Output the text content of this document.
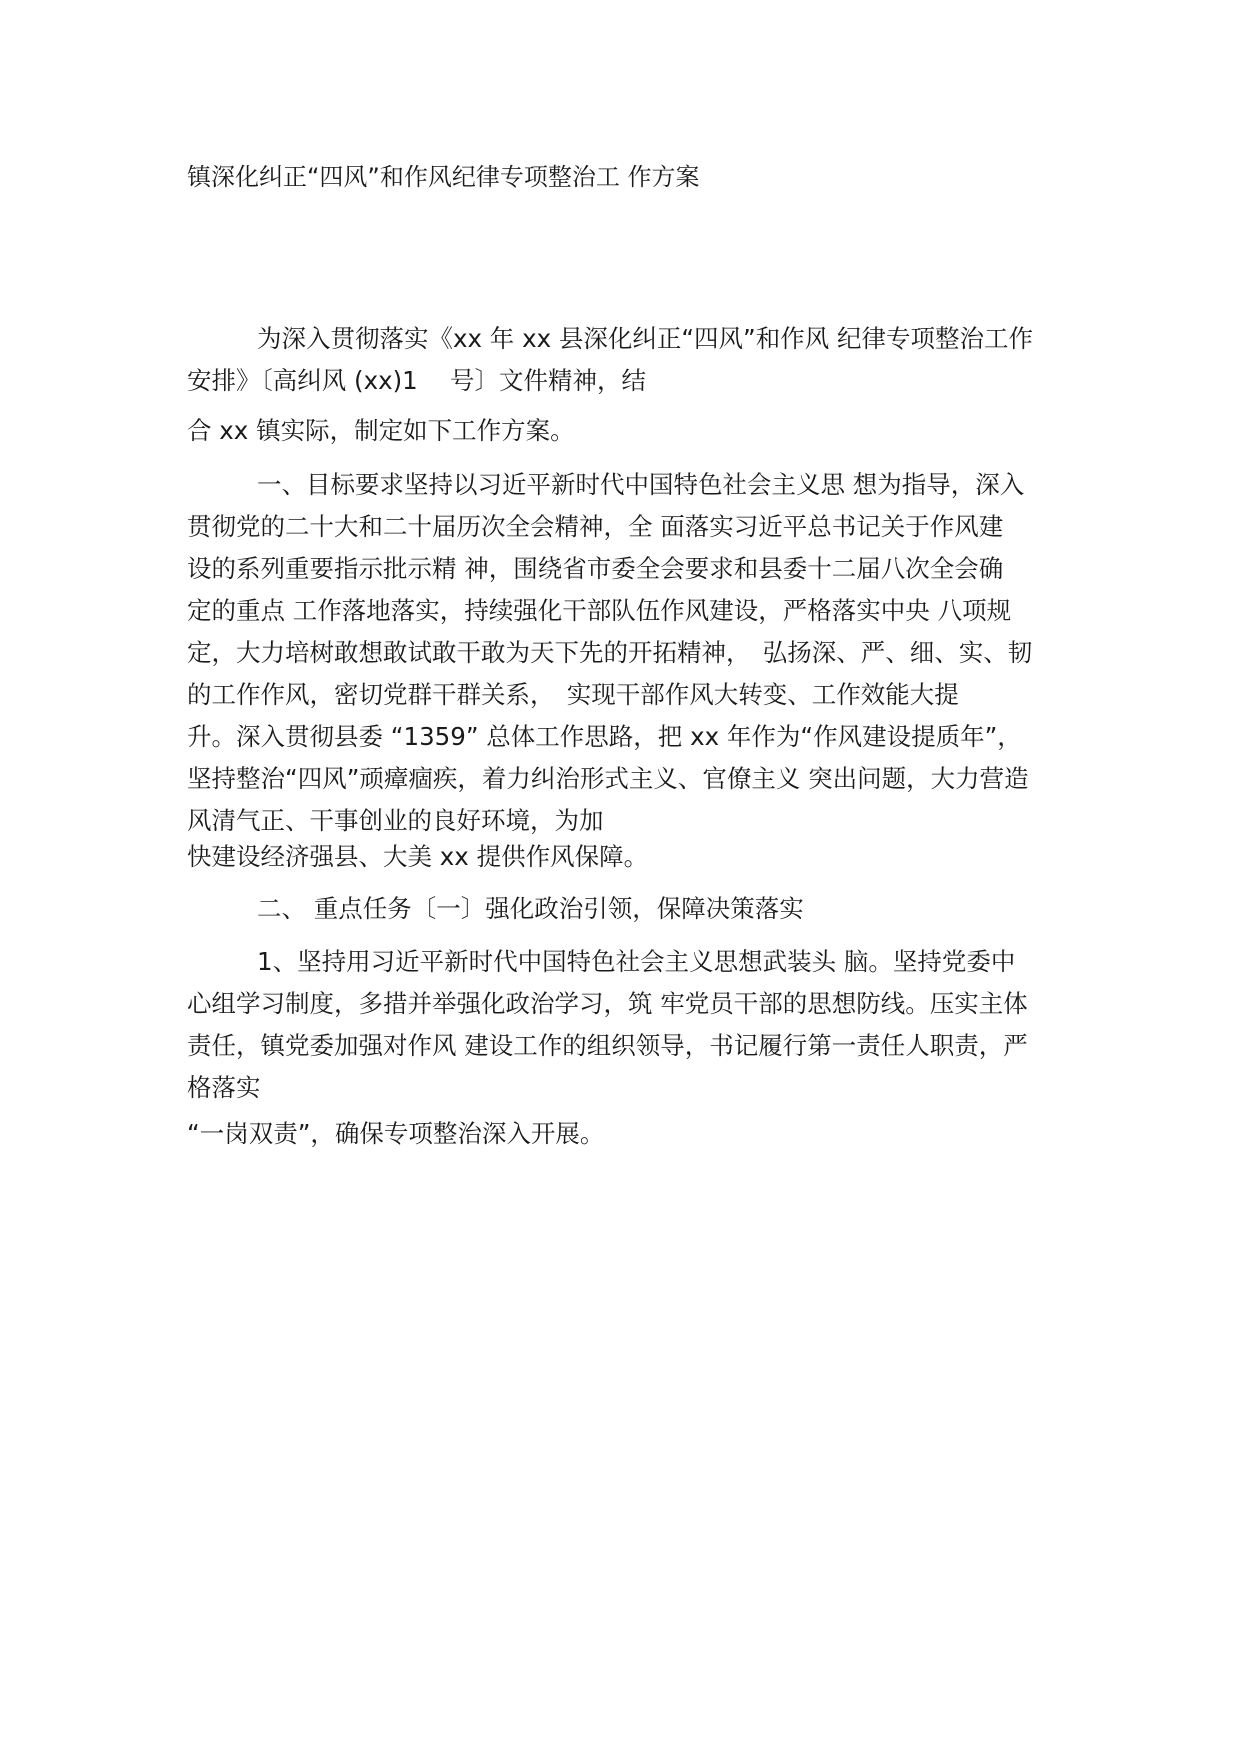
镇深化纠正“四风”和作风纪律专项整治工 作方案
为深入贯彻落实《xx 年 xx 县深化纠正“四风”和作风 纪律专项整治工作
安排》〔高纠风 (xx)1　 号〕文件精神，结
合 xx 镇实际，制定如下工作方案。
一、目标要求坚持以习近平新时代中国特色社会主义思 想为指导，深入
贯彻党的二十大和二十届历次全会精神，全 面落实习近平总书记关于作风建
设的系列重要指示批示精 神，围绕省市委全会要求和县委十二届八次全会确
定的重点 工作落地落实，持续强化干部队伍作风建设，严格落实中央 八项规
定，大力培树敢想敢试敢干敢为天下先的开拓精神，　弘扬深、严、细、实、韧
的工作作风，密切党群干群关系，　实现干部作风大转变、工作效能大提
升。深入贯彻县委 “1359” 总体工作思路，把 xx 年作为“作风建设提质年”，
坚持整治“四风”顽瘴痼疾，着力纠治形式主义、官僚主义 突出问题，大力营造
风清气正、干事创业的良好环境，为加
快建设经济强县、大美 xx 提供作风保障。
二、 重点任务〔一〕强化政治引领，保障决策落实
1、坚持用习近平新时代中国特色社会主义思想武装头 脑。坚持党委中
心组学习制度，多措并举强化政治学习，筑 牢党员干部的思想防线。压实主体
责任，镇党委加强对作风 建设工作的组织领导，书记履行第一责任人职责，严
格落实
“一岗双责”，确保专项整治深入开展。
